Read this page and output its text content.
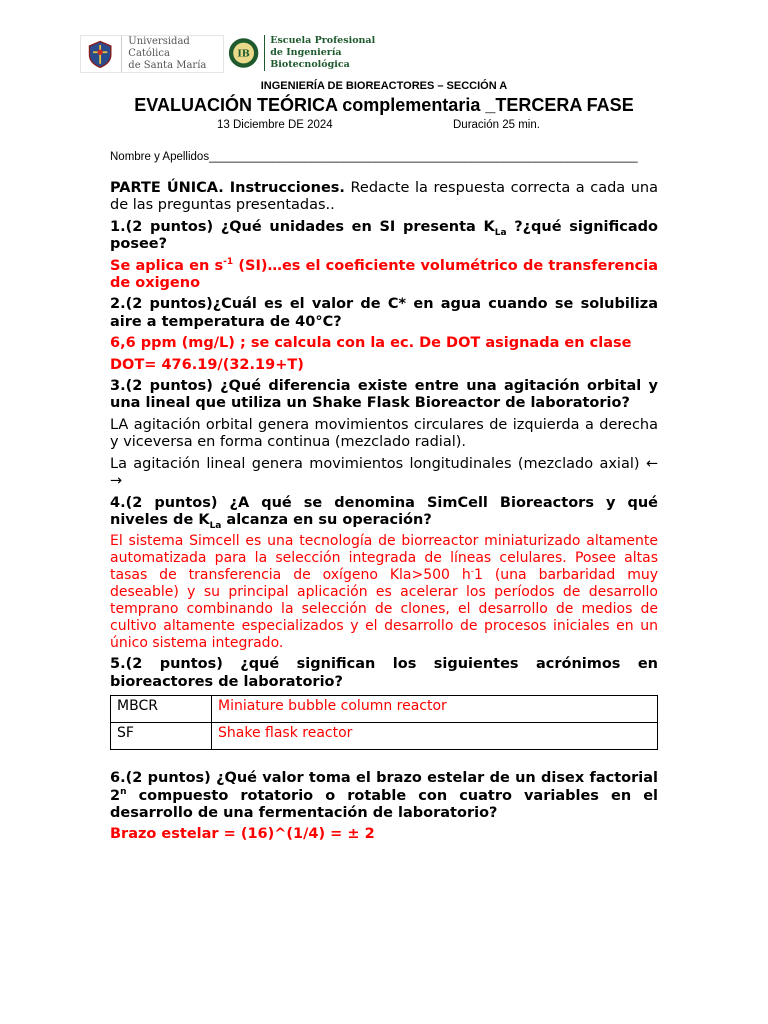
Universidad Católica
de Santa María
IB
Escuela Profesional
de Ingeniería Biotecnológica
INGENIERÍA DE BIOREACTORES – SECCIÓN A
EVALUACIÓN TEÓRICA complementaria _TERCERA FASE
13 Diciembre DE 2024	Duración 25 min.
Nombre y Apellidos___________________________________________________________________

PARTE ÚNICA. Instrucciones. Redacte la respuesta correcta a cada una de las preguntas presentadas..

1.(2 puntos) ¿Qué unidades en SI presenta $K_{La}$ ?¿qué significado posee?

Se aplica en $s^{-1}$ (SI)…es el coeficiente volumétrico de transferencia de oxigeno

2.(2 puntos)¿Cuál es el valor de C* en agua cuando se solubiliza aire a temperatura de 40°C?

6,6 ppm (mg/L) ; se calcula con la ec. De DOT asignada en clase

DOT= 476.19/(32.19+T)

3.(2 puntos) ¿Qué diferencia existe entre una agitación orbital y una lineal que utiliza un Shake Flask Bioreactor de laboratorio?

LA agitación orbital genera movimientos circulares de izquierda a derecha y viceversa en forma continua (mezclado radial).

La agitación lineal genera movimientos longitudinales (mezclado axial) ← →

4.(2 puntos) ¿A qué se denomina SimCell Bioreactors y qué niveles de $K_{La}$ alcanza en su operación?

El sistema Simcell es una tecnología de biorreactor miniaturizado altamente automatizada para la selección integrada de líneas celulares. Posee altas tasas de transferencia de oxígeno Kla>500 h-1 (una barbaridad muy deseable) y su principal aplicación es acelerar los períodos de desarrollo temprano combinando la selección de clones, el desarrollo de medios de cultivo altamente especializados y el desarrollo de procesos iniciales en un único sistema integrado.

5.(2 puntos) ¿qué significan los siguientes acrónimos en bioreactores de laboratorio?

MBCR	Miniature bubble column reactor
SF	Shake flask reactor

6.(2 puntos) ¿Qué valor toma el brazo estelar de un disex factorial 2$^n$ compuesto rotatorio o rotable con cuatro variables en el desarrollo de una fermentación de laboratorio?

Brazo estelar = (16)^(1/4) = ± 2
